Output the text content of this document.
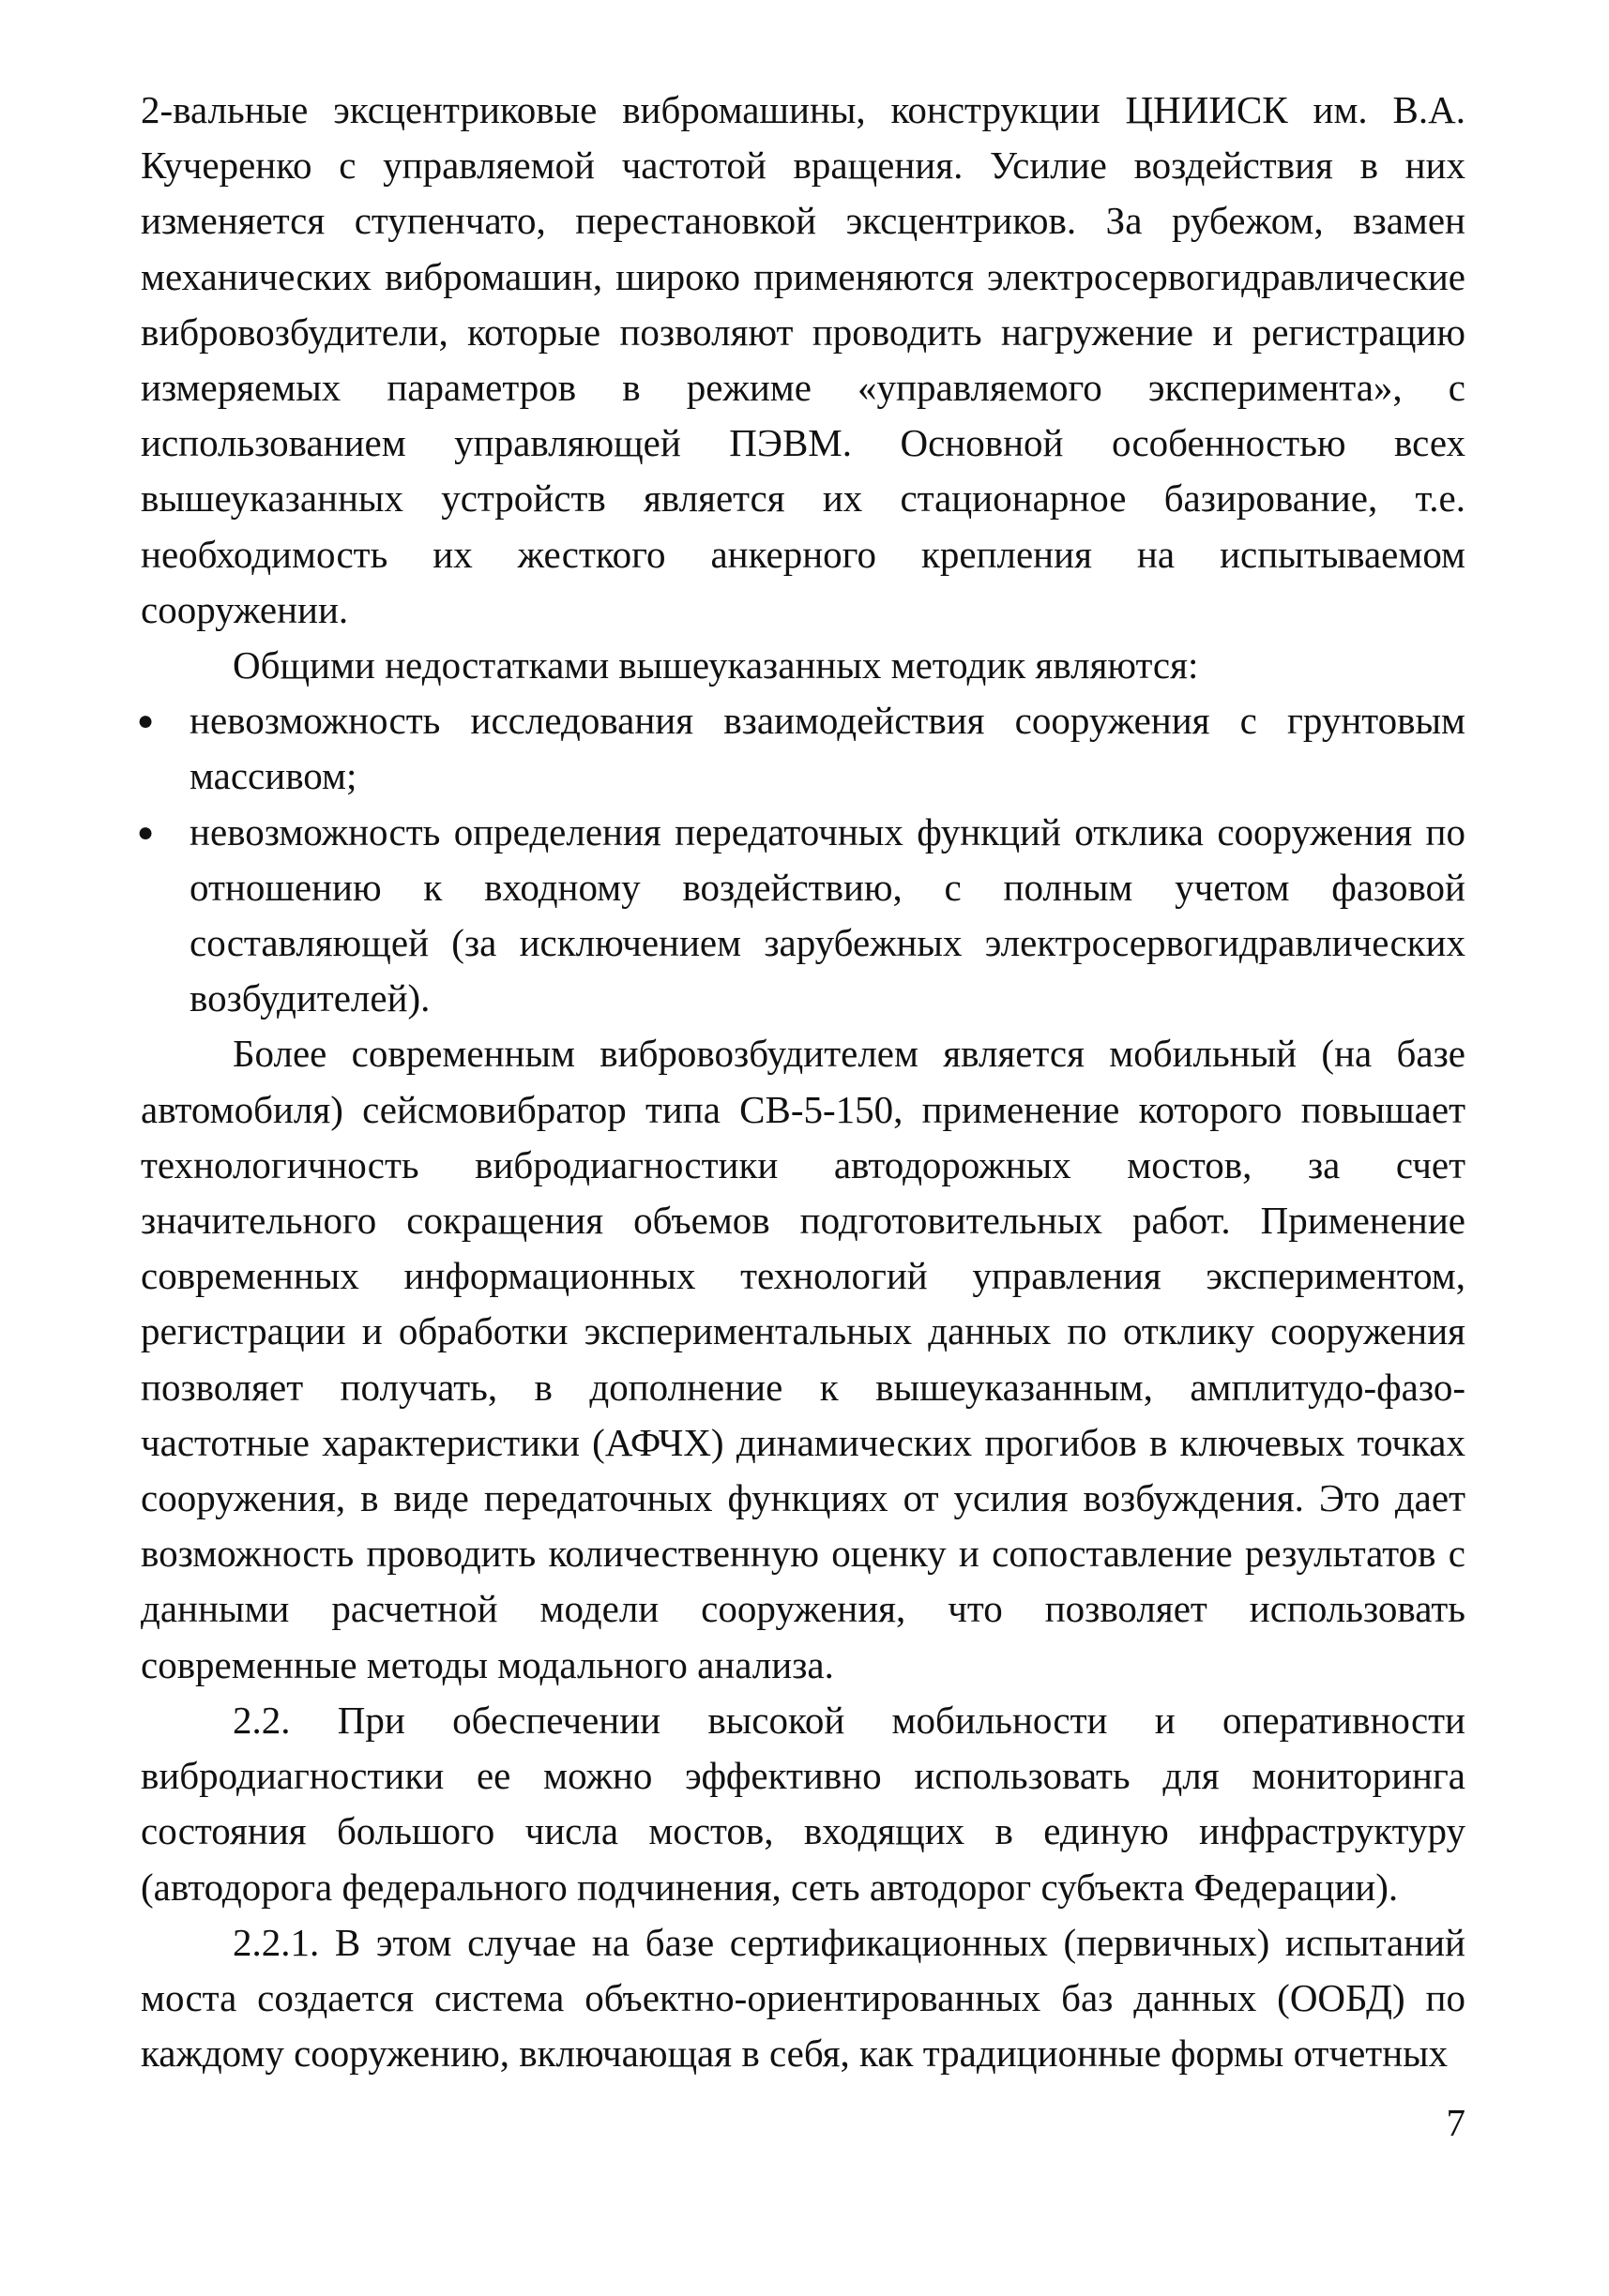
2-вальные эксцентриковые вибромашины, конструкции ЦНИИСК им. В.А. Кучеренко с управляемой частотой вращения. Усилие воздействия в них изменяется ступенчато, перестановкой эксцентриков. За рубежом, взамен механических вибромашин, широко применяются электросервогидравлические вибровозбудители, которые позволяют проводить нагружение и регистрацию измеряемых параметров в режиме «управляемого эксперимента», с использованием управляющей ПЭВМ. Основной особенностью всех вышеуказанных устройств является их стационарное базирование, т.е. необходимость их жесткого анкерного крепления на испытываемом сооружении.

Общими недостатками вышеуказанных методик являются:

● невозможность исследования взаимодействия сооружения с грунтовым массивом;
● невозможность определения передаточных функций отклика сооружения по отношению к входному воздействию, с полным учетом фазовой составляющей (за исключением зарубежных электросервогидравлических возбудителей).

Более современным вибровозбудителем является мобильный (на базе автомобиля) сейсмовибратор типа СВ-5-150, применение которого повышает технологичность вибродиагностики автодорожных мостов, за счет значительного сокращения объемов подготовительных работ. Применение современных информационных технологий управления экспериментом, регистрации и обработки экспериментальных данных по отклику сооружения позволяет получать, в дополнение к вышеуказанным, амплитудо-фазо-частотные характеристики (АФЧХ) динамических прогибов в ключевых точках сооружения, в виде передаточных функциях от усилия возбуждения. Это дает возможность проводить количественную оценку и сопоставление результатов с данными расчетной модели сооружения, что позволяет использовать современные методы модального анализа.

2.2. При обеспечении высокой мобильности и оперативности вибродиагностики ее можно эффективно использовать для мониторинга состояния большого числа мостов, входящих в единую инфраструктуру (автодорога федерального подчинения, сеть автодорог субъекта Федерации).

2.2.1. В этом случае на базе сертификационных (первичных) испытаний моста создается система объектно-ориентированных баз данных (ООБД) по каждому сооружению, включающая в себя, как традиционные формы отчетных

7
